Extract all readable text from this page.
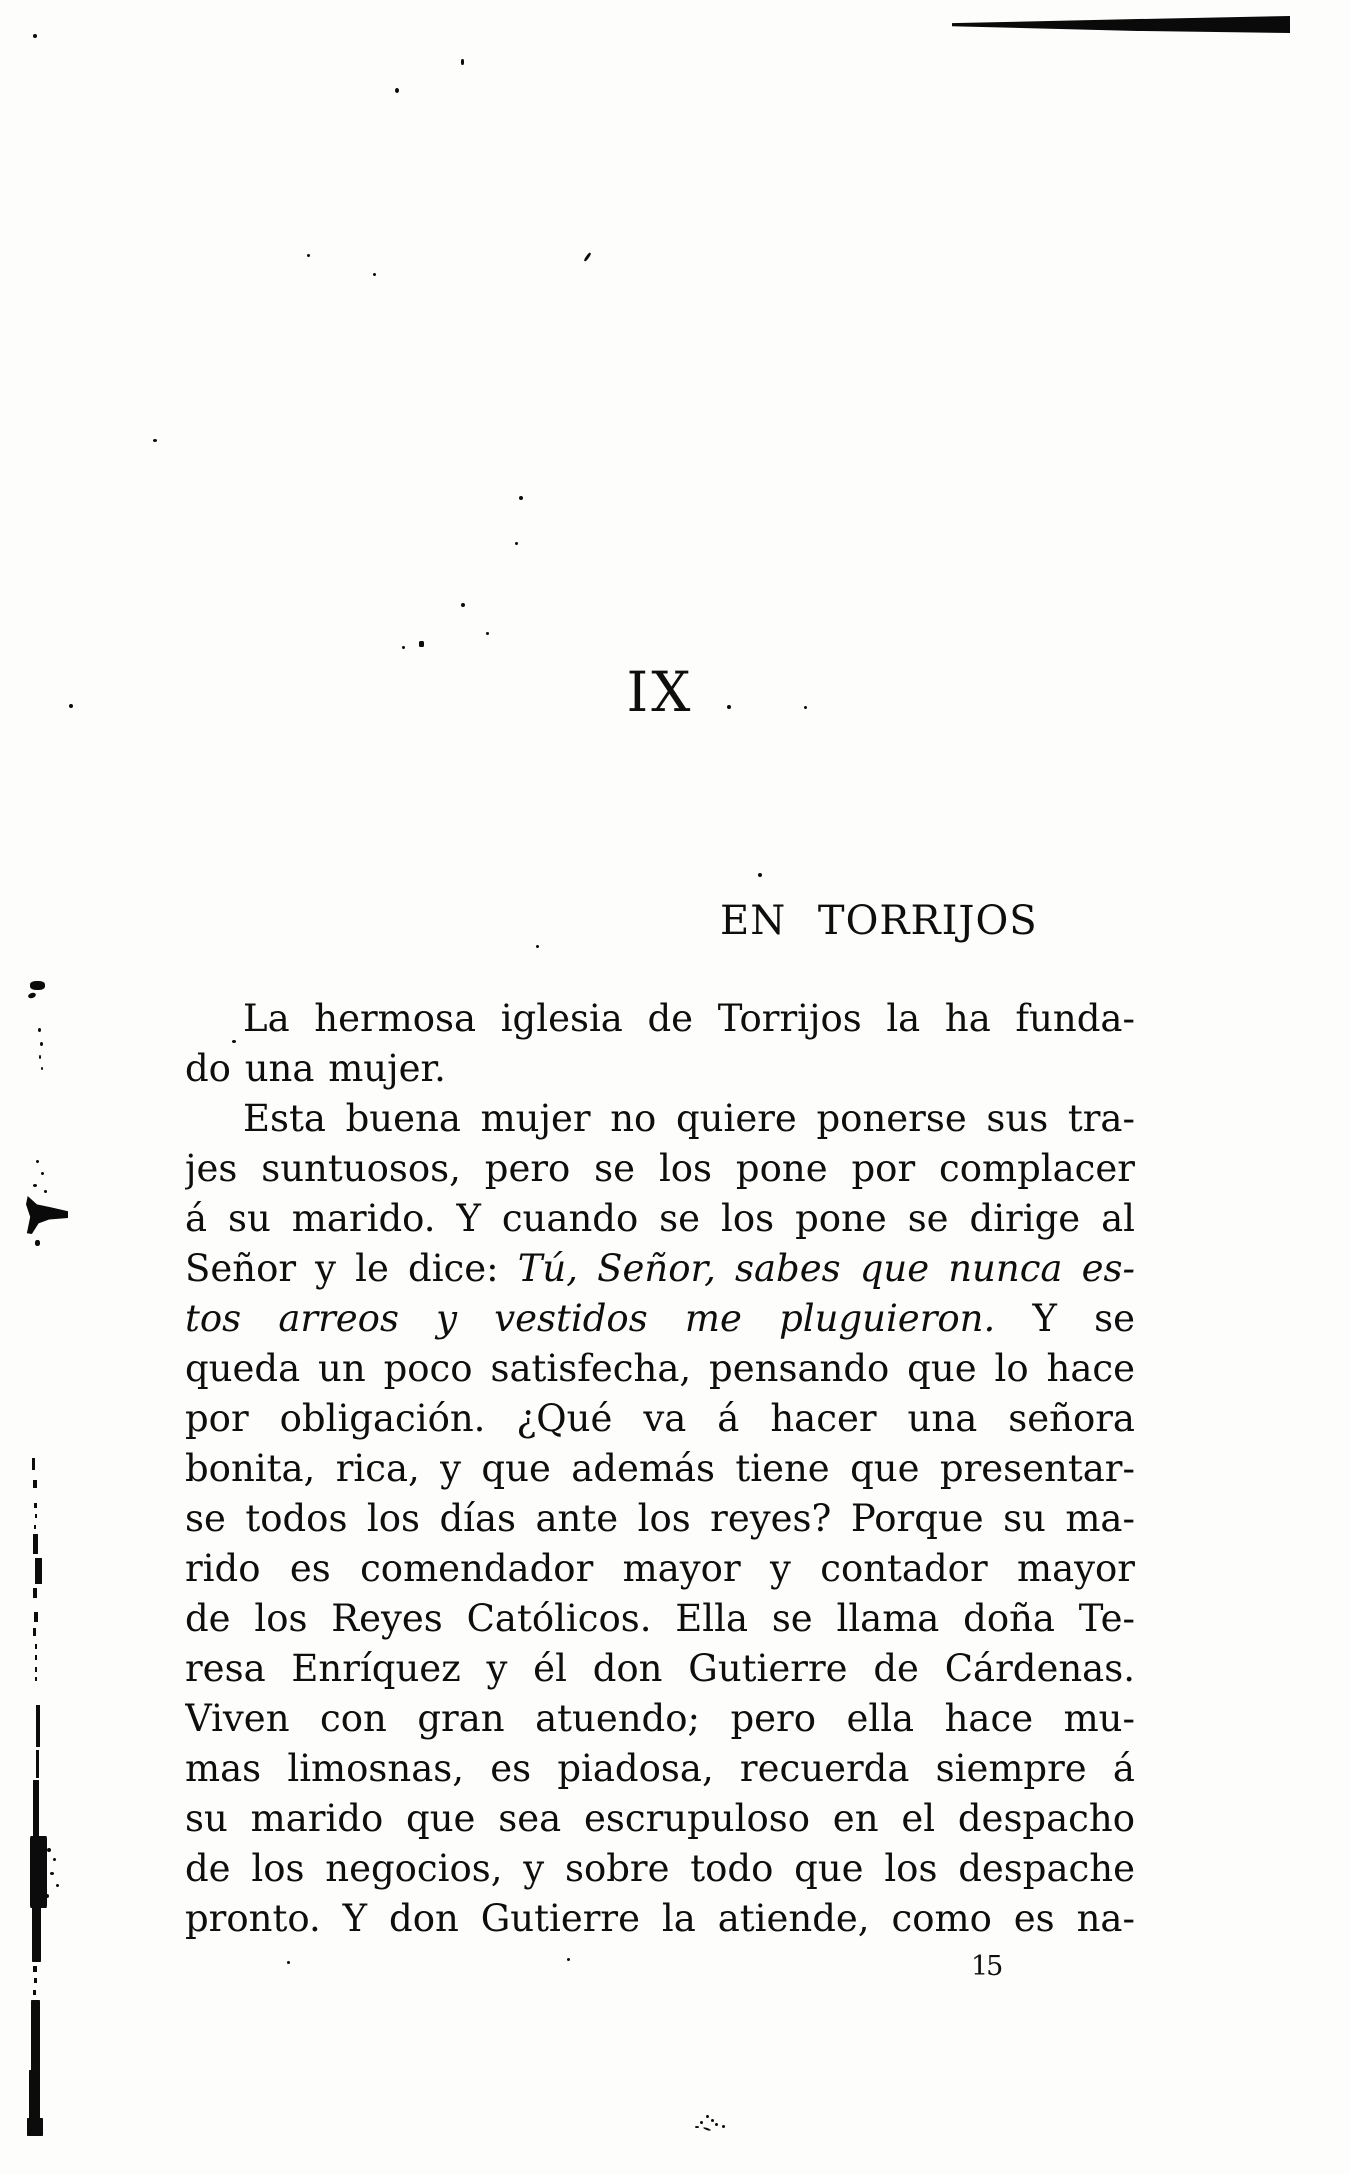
IX
EN TORRIJOS
La hermosa iglesia de Torrijos la ha funda-
do una mujer.
Esta buena mujer no quiere ponerse sus tra-
jes suntuosos, pero se los pone por complacer
á su marido. Y cuando se los pone se dirige al
Señor y le dice: Tú, Señor, sabes que nunca es-
tos arreos y vestidos me pluguieron. Y se
queda un poco satisfecha, pensando que lo hace
por obligación. ¿Qué va á hacer una señora
bonita, rica, y que además tiene que presentar-
se todos los días ante los reyes? Porque su ma-
rido es comendador mayor y contador mayor
de los Reyes Católicos. Ella se llama doña Te-
resa Enríquez y él don Gutierre de Cárdenas.
Viven con gran atuendo; pero ella hace mu-
mas limosnas, es piadosa, recuerda siempre á
su marido que sea escrupuloso en el despacho
de los negocios, y sobre todo que los despache
pronto. Y don Gutierre la atiende, como es na-
15
